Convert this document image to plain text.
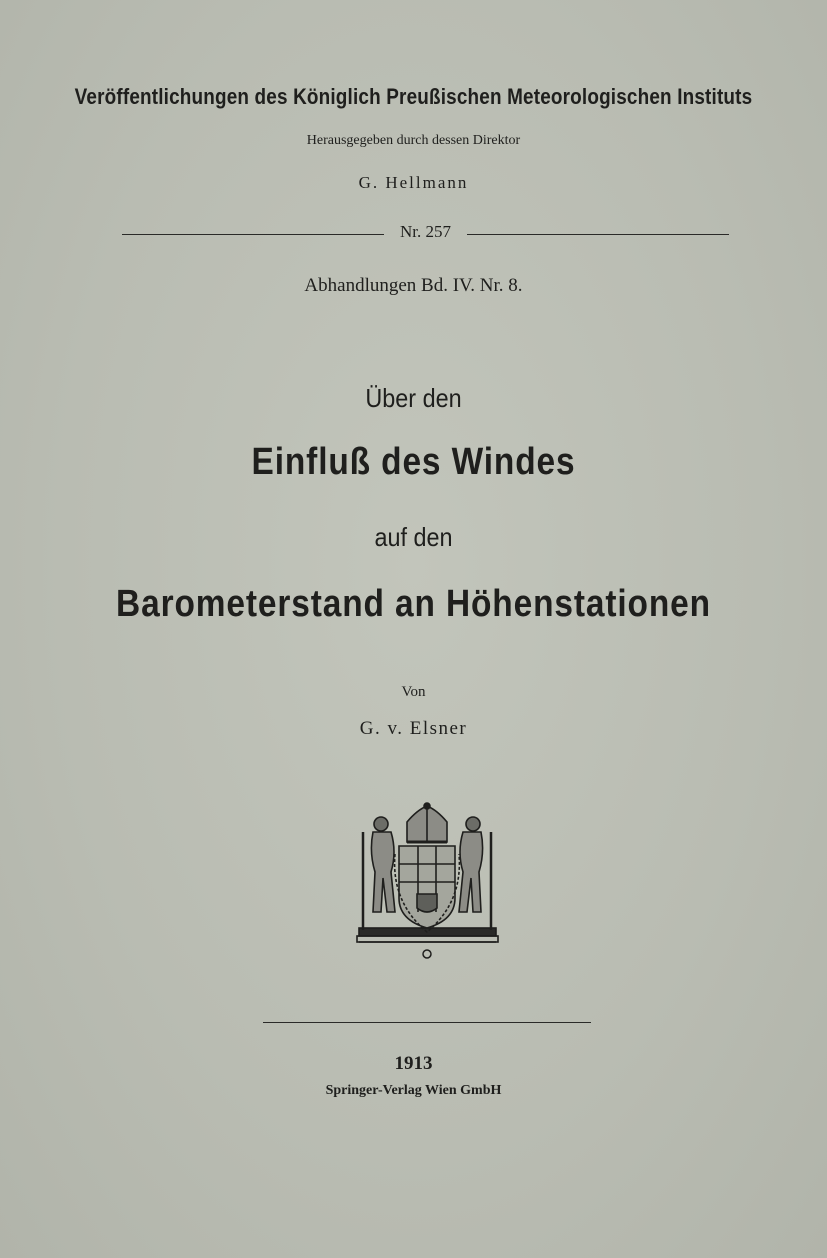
Veröffentlichungen des Königlich Preußischen Meteorologischen Instituts
Herausgegeben durch dessen Direktor
G. Hellmann
Nr. 257
Abhandlungen Bd. IV. Nr. 8.
Über den
Einfluß des Windes
auf den
Barometerstand an Höhenstationen
Von
G. v. Elsner
1913
Springer-Verlag Wien GmbH
